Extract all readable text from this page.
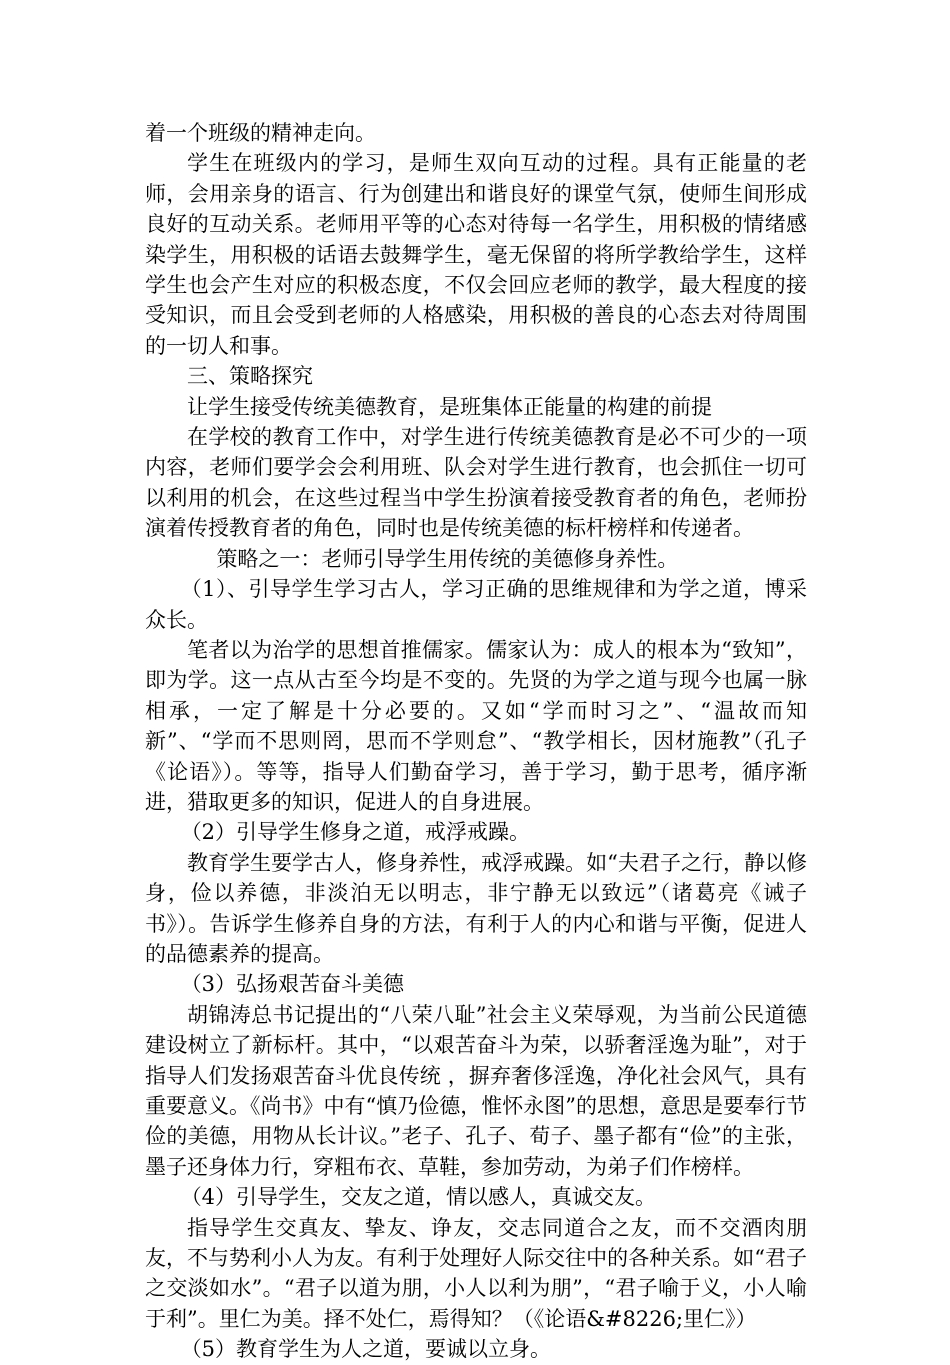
着一个班级的精神走向。

学生在班级内的学习，是师生双向互动的过程。具有正能量的老师，会用亲身的语言、行为创建出和谐良好的课堂气氛，使师生间形成良好的互动关系。老师用平等的心态对待每一名学生，用积极的情绪感染学生，用积极的话语去鼓舞学生，毫无保留的将所学教给学生，这样学生也会产生对应的积极态度，不仅会回应老师的教学，最大程度的接受知识，而且会受到老师的人格感染，用积极的善良的心态去对待周围的一切人和事。

三、策略探究

让学生接受传统美德教育，是班集体正能量的构建的前提

在学校的教育工作中，对学生进行传统美德教育是必不可少的一项内容，老师们要学会会利用班、队会对学生进行教育，也会抓住一切可以利用的机会，在这些过程当中学生扮演着接受教育者的角色，老师扮演着传授教育者的角色，同时也是传统美德的标杆榜样和传递者。

策略之一：老师引导学生用传统的美德修身养性。

（1）、引导学生学习古人，学习正确的思维规律和为学之道，博采众长。

笔者以为治学的思想首推儒家。儒家认为：成人的根本为“致知”，即为学。这一点从古至今均是不变的。先贤的为学之道与现今也属一脉相承，一定了解是十分必要的。又如“学而时习之”、“温故而知新”、“学而不思则罔，思而不学则怠”、“教学相长，因材施教”（孔子《论语》）。等等，指导人们勤奋学习，善于学习，勤于思考，循序渐进，猎取更多的知识，促进人的自身进展。

（2）引导学生修身之道，戒浮戒躁。

教育学生要学古人，修身养性，戒浮戒躁。如“夫君子之行，静以修身，俭以养德，非淡泊无以明志，非宁静无以致远”（诸葛亮《诫子书》）。告诉学生修养自身的方法，有利于人的内心和谐与平衡，促进人的品德素养的提高。

（3）弘扬艰苦奋斗美德

胡锦涛总书记提出的“八荣八耻”社会主义荣辱观，为当前公民道德建设树立了新标杆。其中，“以艰苦奋斗为荣，以骄奢淫逸为耻”，对于指导人们发扬艰苦奋斗优良传统 ，摒弃奢侈淫逸，净化社会风气，具有重要意义。《尚书》中有“慎乃俭德，惟怀永图”的思想，意思是要奉行节俭的美德，用物从长计议。”老子、孔子、荀子、墨子都有“俭”的主张，墨子还身体力行，穿粗布衣、草鞋，参加劳动，为弟子们作榜样。

（4）引导学生，交友之道，情以感人，真诚交友。

指导学生交真友、挚友、诤友，交志同道合之友，而不交酒肉朋友，不与势利小人为友。有利于处理好人际交往中的各种关系。如“君子之交淡如水”。“君子以道为朋，小人以利为朋”，“君子喻于义，小人喻于利”。里仁为美。择不处仁，焉得知？（《论语&#8226;里仁》）

（5）教育学生为人之道，要诚以立身。
